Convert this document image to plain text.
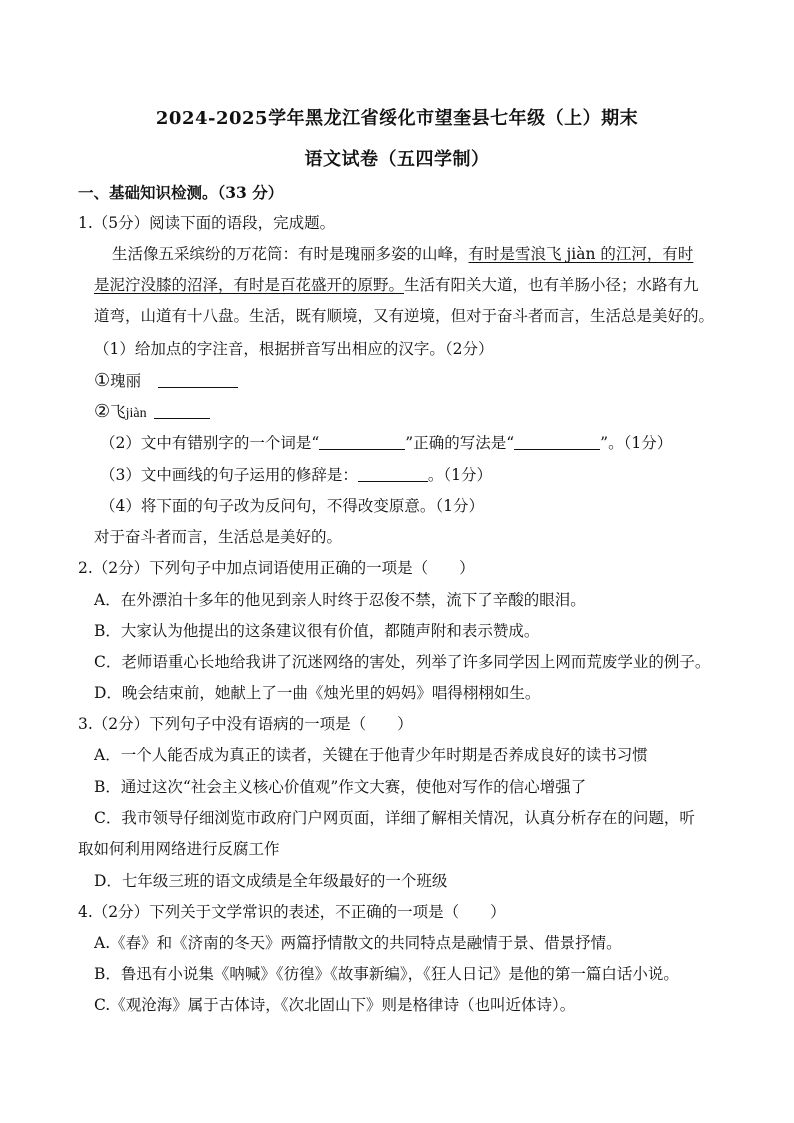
2024-2025学年黑龙江省绥化市望奎县七年级（上）期末
语文试卷（五四学制）
一、基础知识检测。（33 分）
1.（5分）阅读下面的语段，完成题。
生活像五采缤纷的万花筒：有时是瑰丽多姿的山峰，有时是雪浪飞 jiàn 的江河，有时
是泥泞没膝的沼泽，有时是百花盛开的原野。生活有阳关大道，也有羊肠小径；水路有九
道弯，山道有十八盘。生活，既有顺境，又有逆境，但对于奋斗者而言，生活总是美好的。
（1）给加点的字注音，根据拼音写出相应的汉字。（2分）
①瑰丽
②飞jiàn
（2）文中有错别字的一个词是“	”正确的写法是“	”。（1分）
（3）文中画线的句子运用的修辞是：	。（1分）
（4）将下面的句子改为反问句，不得改变原意。（1分）
对于奋斗者而言，生活总是美好的。
2.（2分）下列句子中加点词语使用正确的一项是（　　）
A．在外漂泊十多年的他见到亲人时终于忍俊不禁，流下了辛酸的眼泪。
B．大家认为他提出的这条建议很有价值，都随声附和表示赞成。
C．老师语重心长地给我讲了沉迷网络的害处，列举了许多同学因上网而荒废学业的例子。
D．晚会结束前，她献上了一曲《烛光里的妈妈》唱得栩栩如生。
3.（2分）下列句子中没有语病的一项是（　　）
A．一个人能否成为真正的读者，关键在于他青少年时期是否养成良好的读书习惯
B．通过这次“社会主义核心价值观”作文大赛，使他对写作的信心增强了
C．我市领导仔细浏览市政府门户网页面，详细了解相关情况，认真分析存在的问题，听
取如何利用网络进行反腐工作
D．七年级三班的语文成绩是全年级最好的一个班级
4.（2分）下列关于文学常识的表述，不正确的一项是（　　）
A.《春》和《济南的冬天》两篇抒情散文的共同特点是融情于景、借景抒情。
B．鲁迅有小说集《呐喊》《彷徨》《故事新编》，《狂人日记》是他的第一篇白话小说。
C.《观沧海》属于古体诗，《次北固山下》则是格律诗（也叫近体诗）。
